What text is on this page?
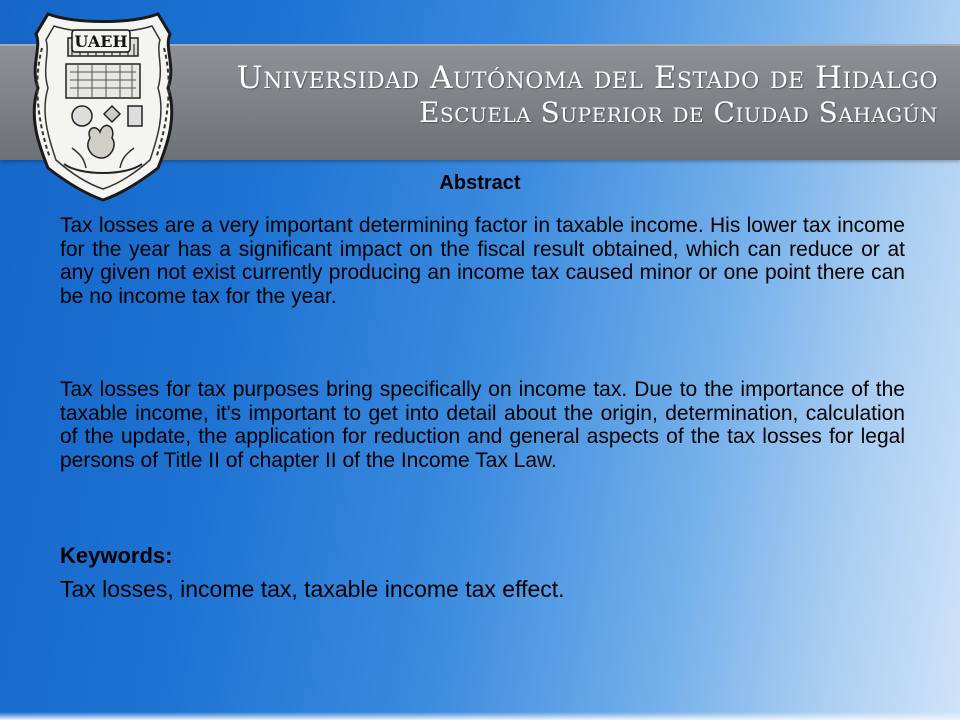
Universidad Autónoma del Estado de Hidalgo

Escuela Superior de Ciudad Sahagún

UAEH
Abstract

Tax losses are a very important determining factor in taxable income. His lower tax income for the year has a significant impact on the fiscal result obtained, which can reduce or at any given not exist currently producing an income tax caused minor or one point there can be no income tax for the year.

Tax losses for tax purposes bring specifically on income tax. Due to the importance of the taxable income, it's important to get into detail about the origin, determination, calculation of the update, the application for reduction and general aspects of the tax losses for legal persons of Title II of chapter II of the Income Tax Law.

Keywords:

Tax losses, income tax, taxable income tax effect.
